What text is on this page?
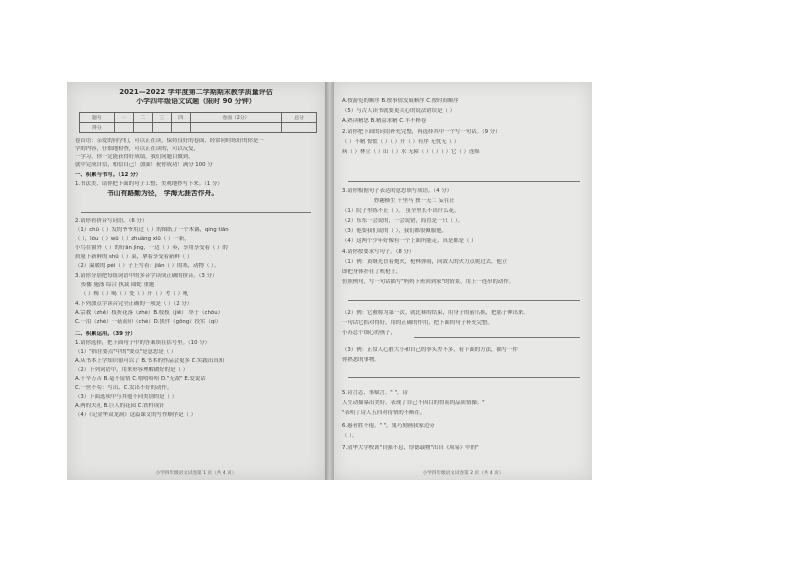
2021—2022 学年度第二学期期末教学质量评估
小学四年级语文试题（限时 90 分钟）
题号	一	二	三	四	卷面（2分）	总分
得分						
卷首语：亲爱的同学们，可以正在读，保持良好的卷面，经常同时练好的你是一
学的内容，仔细地检查，可以正在读的，可以反复，
一学习，你一定能获得好成绩，我们同题目做到。
就中完成自信，相信自己！加油！祝你成功！满分 100 分
一、积累与书写。（12 分）
1.书法美，请你把下面的句子工整、美观地抄写下来。（1 分）
书山有路勤为径， 学海无涯苦作舟。
2.请你看拼音写词语。（6 分）
（1）chū（ ）发的爷爷用过（ ）的图纸了一个木偶，qíng tiān
（ ），lóu（ ）wǔ（ ）zhuāng xiū（ ）一新，
小鸟在窗外（ ）的好ān jìng，一边（ ）奏，享用享受着（ ）的
质量下新鲜的 shū（ ）菜，拿着享受着新鲜（ ）
（2）温暖的 péi（ ）子上写着：jiǎn（ ）的寒，动物（ ）。
3.请你分别把每组词语中的多音字读成正确的拼音。（3 分）
传播 施涤 综合 执裁 曲蛇 重题
（ ）梅（ ）喝（ ）处（ ）升（ ）考（ ）吼
4.下列加点字读音完全正确的一项是（ ）（2 分）
A.宗教（zhě）枝折花落（zhé）B.枝枝（jiē） 举于（chōu）
C.一泪（zhè）一菇而印（chè）D.狭伴（gōng）投实（qí）
二、积累运用。（39 分）
1.请你选择，把下面句子中的答案填在括号里。（10 分）
（1）"抓住要点"中的"要点"是意思是（ ）
A.从书本上学知识很可以了 B.书本的作品会更多 C.实践出真知
（2）下列词语中，用来形容理解做好的是（ ）
A.千辛万苦 B.毫不留情 C.嘻嘻哈哈 D."无敌" E.爱说话
C.一丝不苟：写出、C.发出不好的动作。
（3）下面选项中与其他不同类别的是（ ）
A.两的夫孔 B.巨人的花园 C.铁杵成针
（4）《记金华双龙洞》这篇课文的写作顺序是（ ）
小学四年级语文试卷第 1 页（共 4 页）
A.按游览的顺序 B.按事情发展顺序 C.按时间顺序
（5）与古人读书就要更关心的说法错误是（ ）
A.熟读精思 B.精益求精 C.半不释卷
2.请你把下面的词语补充完整，再选择其中一个写一句话。（9 分）
（ ）不精 惊慌（ ）（ ）升（ ）有序 无忧无（ ）
病（ ）林立（ ）山（ ）水 无障（ ）（ ）（ ）它（ ）连绵
3.请你根据句子表达的意思填写成语。（4 分）
妙趣横生 千里马 独一无二 妄在止
（1）院子里练不止（ ）。 虽全里长不出什么花。
（2）东东一会说的，一会说错，简直是一只（ ）。
（3）他要我们说的（ ），我们都很佩服他。
（4）这两个少年好像有一个上面所能走，真是都是（ ）
4.请你按要求写句子。（8 分）
（1）例：黄继光冒着炮火，枪林弹雨，向敌人的火力点爬过去，他立
即把身体扑在了机枪上。
仿照例句，写一句话描写"妈妈下班回到家"的情景，用上一连串的动作。
（2）例：它被称为第一次。就比赛的结束，用身子的前爪抓，把那子伸出来。
一句话它抓对得好，用的正确的作用，把下面的句子补充完整。
小苏总个细心的孩子，
（3）例：正常人心脏大小和自己的拳头差不多，看下面的方法，描写一件
你熟悉的事物。
5.诗言志，事赋言。" "，诗
人生动描摹出美好。表现了自己不因目的得而的品质情操；"
"表明了诗人五四对待情的不断在。
6.惠者胜不倦，" "，鬼巧刻画我家边旁
（ ）。
7.清华大学校训"自强不息，厚德载物"出自《周易》中的"
小学四年级语文试卷第 2 页（共 4 页）
